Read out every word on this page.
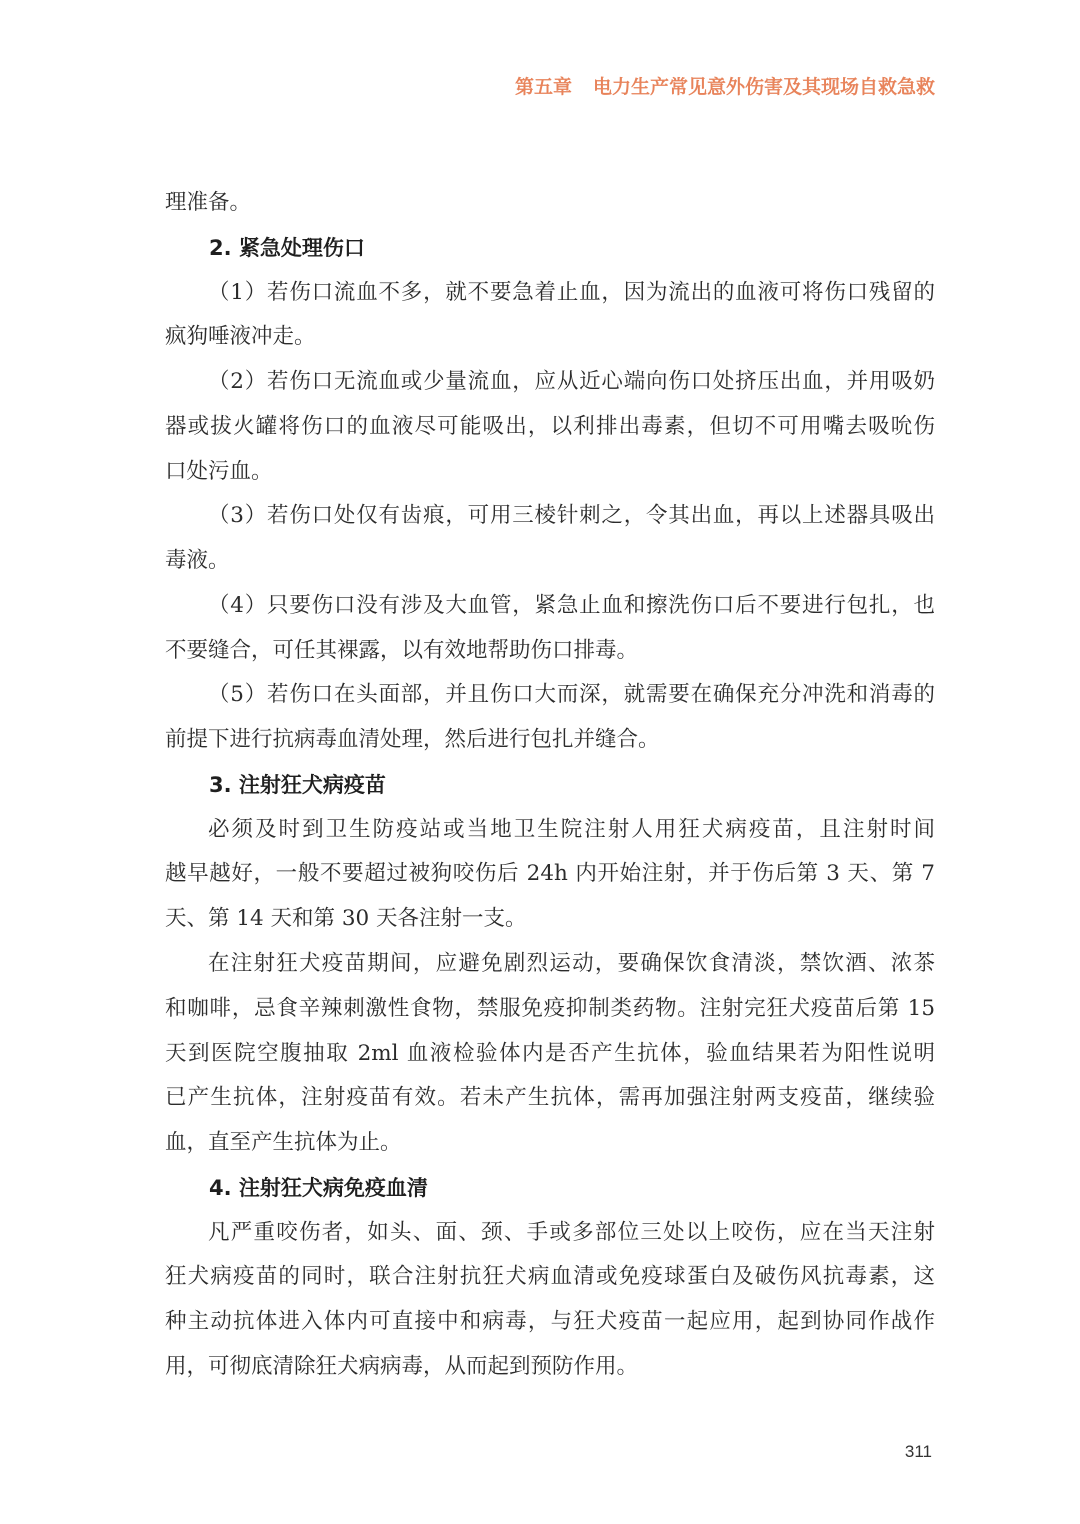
第五章 电力生产常见意外伤害及其现场自救急救
理准备。
2. 紧急处理伤口
（1）若伤口流血不多，就不要急着止血，因为流出的血液可将伤口残留的
疯狗唾液冲走。
（2）若伤口无流血或少量流血，应从近心端向伤口处挤压出血，并用吸奶
器或拔火罐将伤口的血液尽可能吸出，以利排出毒素，但切不可用嘴去吸吮伤
口处污血。
（3）若伤口处仅有齿痕，可用三棱针刺之，令其出血，再以上述器具吸出
毒液。
（4）只要伤口没有涉及大血管，紧急止血和擦洗伤口后不要进行包扎，也
不要缝合，可任其裸露，以有效地帮助伤口排毒。
（5）若伤口在头面部，并且伤口大而深，就需要在确保充分冲洗和消毒的
前提下进行抗病毒血清处理，然后进行包扎并缝合。
3. 注射狂犬病疫苗
必须及时到卫生防疫站或当地卫生院注射人用狂犬病疫苗，且注射时间
越早越好，一般不要超过被狗咬伤后 24h 内开始注射，并于伤后第 3 天、第 7
天、第 14 天和第 30 天各注射一支。
在注射狂犬疫苗期间，应避免剧烈运动，要确保饮食清淡，禁饮酒、浓茶
和咖啡，忌食辛辣刺激性食物，禁服免疫抑制类药物。注射完狂犬疫苗后第 15
天到医院空腹抽取 2ml 血液检验体内是否产生抗体，验血结果若为阳性说明
已产生抗体，注射疫苗有效。若未产生抗体，需再加强注射两支疫苗，继续验
血，直至产生抗体为止。
4. 注射狂犬病免疫血清
凡严重咬伤者，如头、面、颈、手或多部位三处以上咬伤，应在当天注射
狂犬病疫苗的同时，联合注射抗狂犬病血清或免疫球蛋白及破伤风抗毒素，这
种主动抗体进入体内可直接中和病毒，与狂犬疫苗一起应用，起到协同作战作
用，可彻底清除狂犬病病毒，从而起到预防作用。
311
